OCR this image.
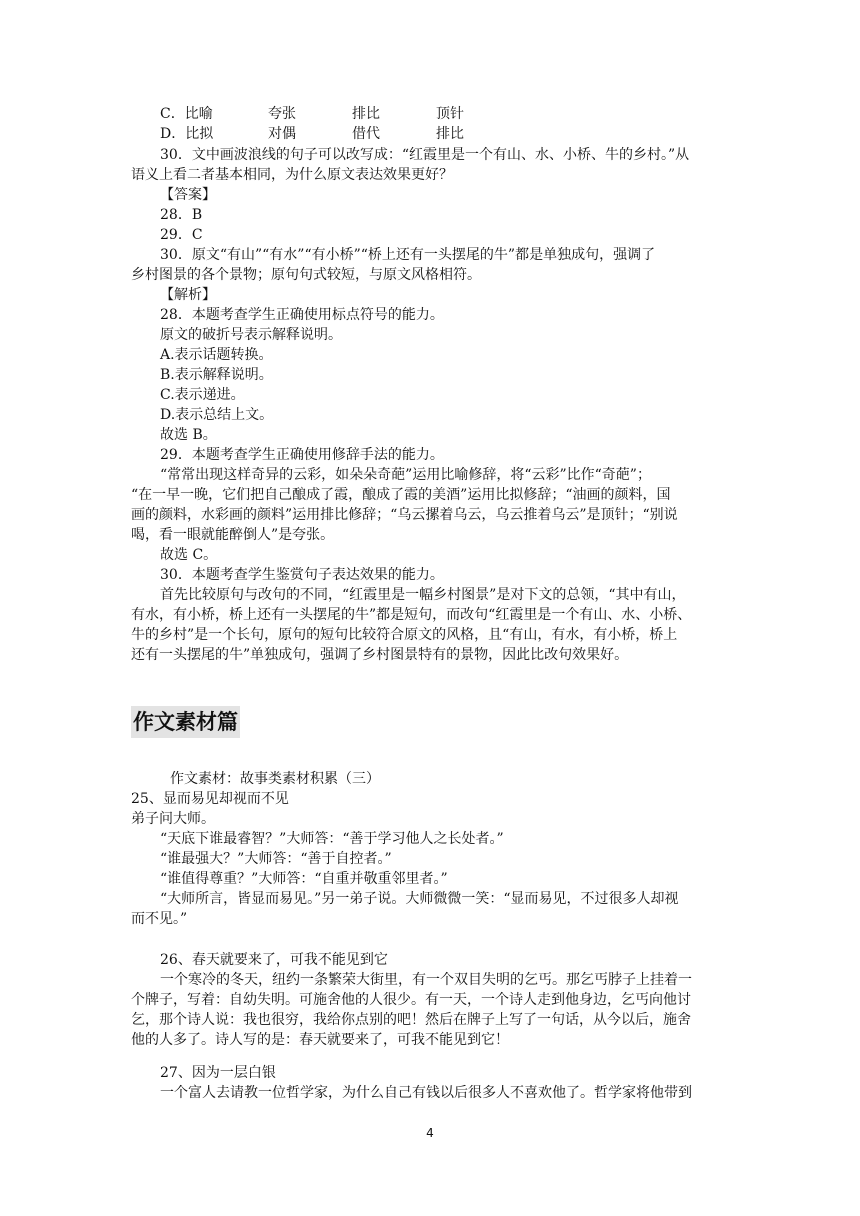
C．比喻	夸张	排比	顶针
D．比拟	对偶	借代	排比
30．文中画波浪线的句子可以改写成：“红霞里是一个有山、水、小桥、牛的乡村。”从
语义上看二者基本相同，为什么原文表达效果更好？
【答案】
28．B
29．C
30．原文“有山”“有水”“有小桥”“桥上还有一头摆尾的牛”都是单独成句，强调了
乡村图景的各个景物；原句句式较短，与原文风格相符。
【解析】
28．本题考查学生正确使用标点符号的能力。
原文的破折号表示解释说明。
A.表示话题转换。
B.表示解释说明。
C.表示递进。
D.表示总结上文。
故选 B。
29．本题考查学生正确使用修辞手法的能力。
“常常出现这样奇异的云彩，如朵朵奇葩”运用比喻修辞，将“云彩”比作“奇葩”；
“在一早一晚，它们把自己酿成了霞，酿成了霞的美酒”运用比拟修辞；“油画的颜料，国
画的颜料，水彩画的颜料”运用排比修辞；“乌云摞着乌云，乌云推着乌云”是顶针；“别说
喝，看一眼就能醉倒人”是夸张。
故选 C。
30．本题考查学生鉴赏句子表达效果的能力。
首先比较原句与改句的不同，“红霞里是一幅乡村图景”是对下文的总领，“其中有山，
有水，有小桥，桥上还有一头摆尾的牛”都是短句，而改句“红霞里是一个有山、水、小桥、
牛的乡村”是一个长句，原句的短句比较符合原文的风格，且“有山，有水，有小桥，桥上
还有一头摆尾的牛”单独成句，强调了乡村图景特有的景物，因此比改句效果好。
作文素材篇
作文素材：故事类素材积累（三）
25、显而易见却视而不见
弟子问大师。
“天底下谁最睿智？”大师答：“善于学习他人之长处者。”
“谁最强大？”大师答：“善于自控者。”
“谁值得尊重？”大师答：“自重并敬重邻里者。”
“大师所言，皆显而易见。”另一弟子说。大师微微一笑：“显而易见，不过很多人却视
而不见。”
26、春天就要来了，可我不能见到它
一个寒冷的冬天，纽约一条繁荣大街里，有一个双目失明的乞丐。那乞丐脖子上挂着一
个牌子，写着：自幼失明。可施舍他的人很少。有一天，一个诗人走到他身边，乞丐向他讨
乞，那个诗人说：我也很穷，我给你点别的吧！然后在牌子上写了一句话，从今以后，施舍
他的人多了。诗人写的是：春天就要来了，可我不能见到它！
27、因为一层白银
一个富人去请教一位哲学家，为什么自己有钱以后很多人不喜欢他了。哲学家将他带到
4
